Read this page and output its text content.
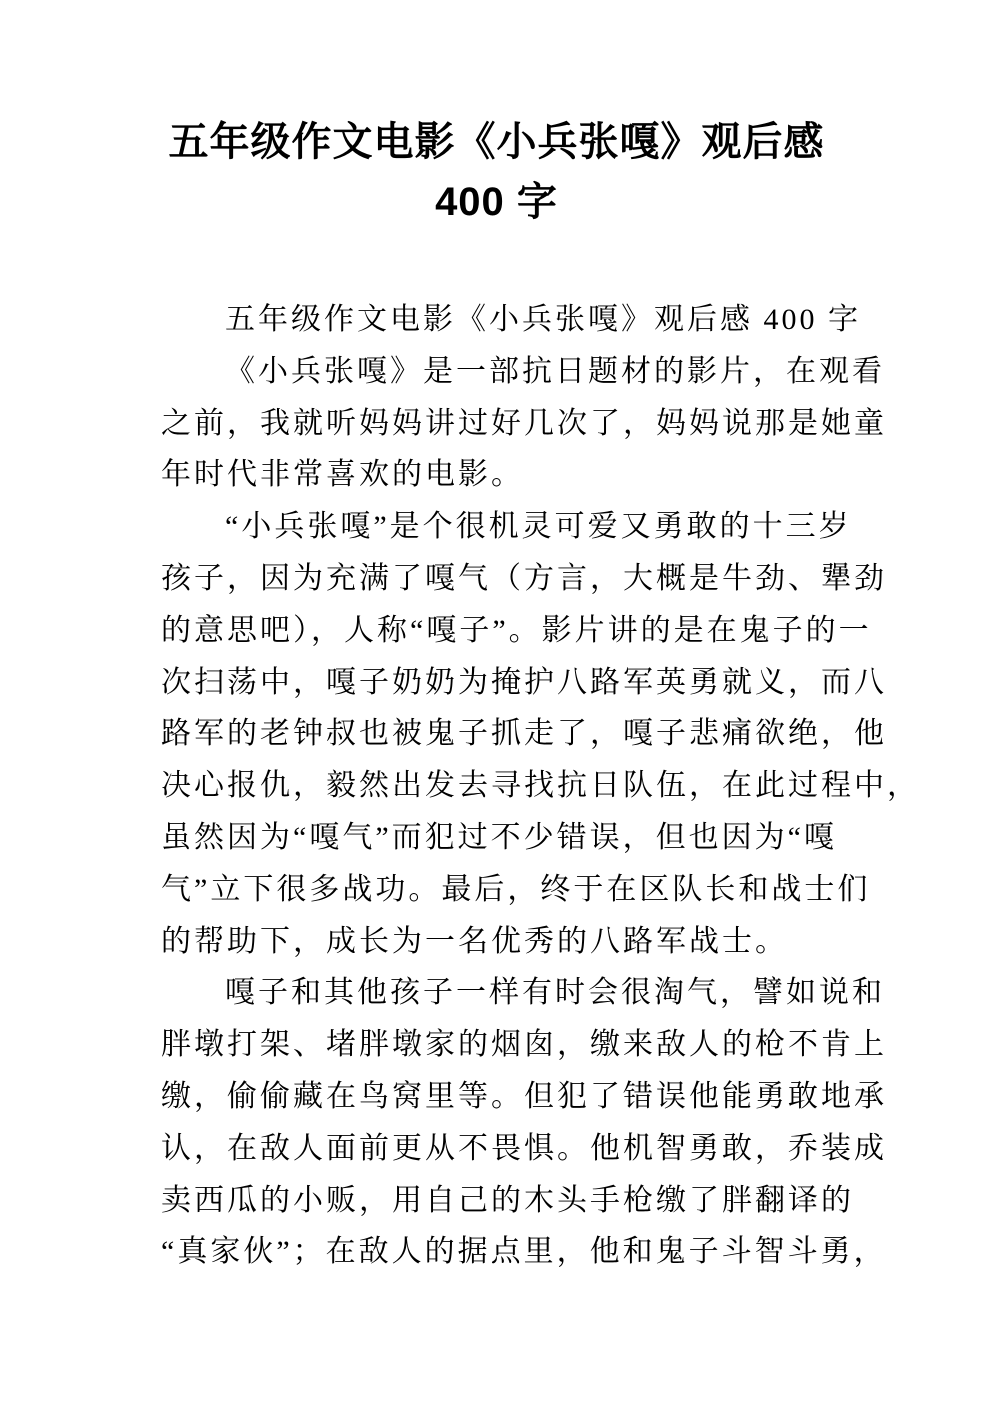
五年级作文电影《小兵张嘎》观后感
400 字
五年级作文电影《小兵张嘎》观后感 400 字
《小兵张嘎》是一部抗日题材的影片，在观看
之前，我就听妈妈讲过好几次了，妈妈说那是她童
年时代非常喜欢的电影。
“小兵张嘎”是个很机灵可爱又勇敢的十三岁
孩子，因为充满了嘎气（方言，大概是牛劲、犟劲
的意思吧），人称“嘎子”。影片讲的是在鬼子的一
次扫荡中，嘎子奶奶为掩护八路军英勇就义，而八
路军的老钟叔也被鬼子抓走了，嘎子悲痛欲绝，他
决心报仇，毅然出发去寻找抗日队伍，在此过程中，
虽然因为“嘎气”而犯过不少错误，但也因为“嘎
气”立下很多战功。最后，终于在区队长和战士们
的帮助下，成长为一名优秀的八路军战士。
嘎子和其他孩子一样有时会很淘气，譬如说和
胖墩打架、堵胖墩家的烟囱，缴来敌人的枪不肯上
缴，偷偷藏在鸟窝里等。但犯了错误他能勇敢地承
认，在敌人面前更从不畏惧。他机智勇敢，乔装成
卖西瓜的小贩，用自己的木头手枪缴了胖翻译的
“真家伙”；在敌人的据点里，他和鬼子斗智斗勇，
